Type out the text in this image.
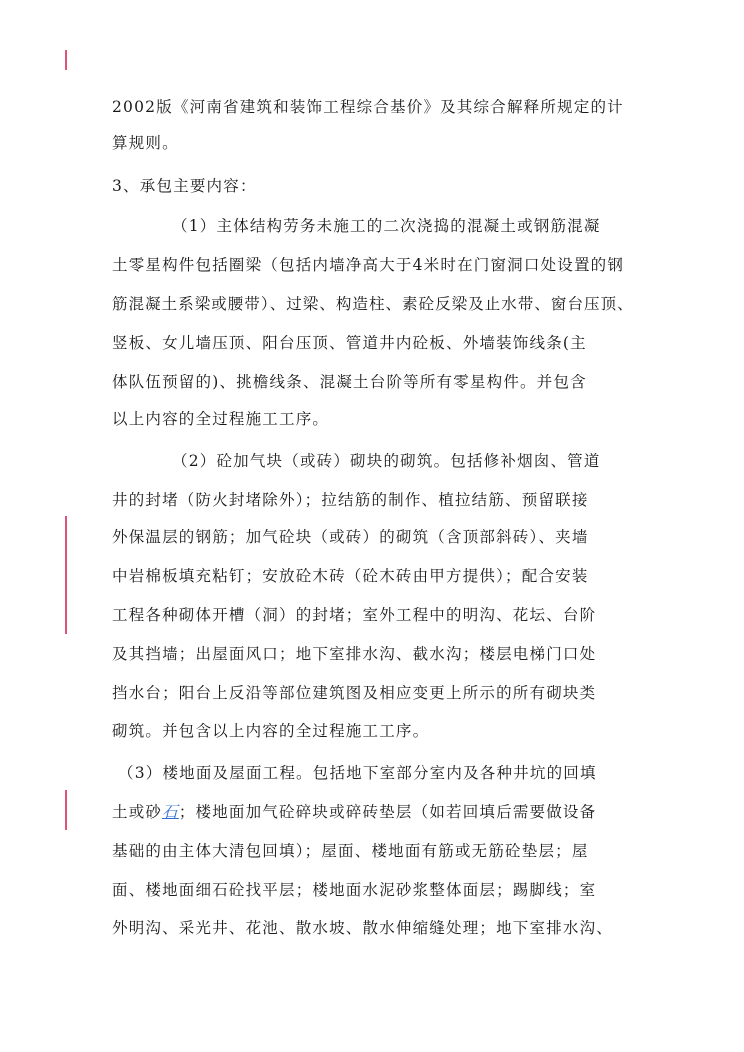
2002版《河南省建筑和装饰工程综合基价》及其综合解释所规定的计
算规则。
3、承包主要内容：
（1）主体结构劳务未施工的二次浇捣的混凝土或钢筋混凝
土零星构件包括圈梁（包括内墙净高大于4米时在门窗洞口处设置的钢
筋混凝土系梁或腰带）、过梁、构造柱、素砼反梁及止水带、窗台压顶、
竖板、女儿墙压顶、阳台压顶、管道井内砼板、外墙装饰线条(主
体队伍预留的)、挑檐线条、混凝土台阶等所有零星构件。并包含
以上内容的全过程施工工序。
（2）砼加气块（或砖）砌块的砌筑。包括修补烟囱、管道
井的封堵（防火封堵除外）；拉结筋的制作、植拉结筋、预留联接
外保温层的钢筋；加气砼块（或砖）的砌筑（含顶部斜砖）、夹墙
中岩棉板填充粘钉；安放砼木砖（砼木砖由甲方提供）；配合安装
工程各种砌体开槽（洞）的封堵；室外工程中的明沟、花坛、台阶
及其挡墙；出屋面风口；地下室排水沟、截水沟；楼层电梯门口处
挡水台；阳台上反沿等部位建筑图及相应变更上所示的所有砌块类
砌筑。并包含以上内容的全过程施工工序。
（3）楼地面及屋面工程。包括地下室部分室内及各种井坑的回填
土或砂石；楼地面加气砼碎块或碎砖垫层（如若回填后需要做设备
基础的由主体大清包回填）；屋面、楼地面有筋或无筋砼垫层；屋
面、楼地面细石砼找平层；楼地面水泥砂浆整体面层；踢脚线；室
外明沟、采光井、花池、散水坡、散水伸缩缝处理；地下室排水沟、
